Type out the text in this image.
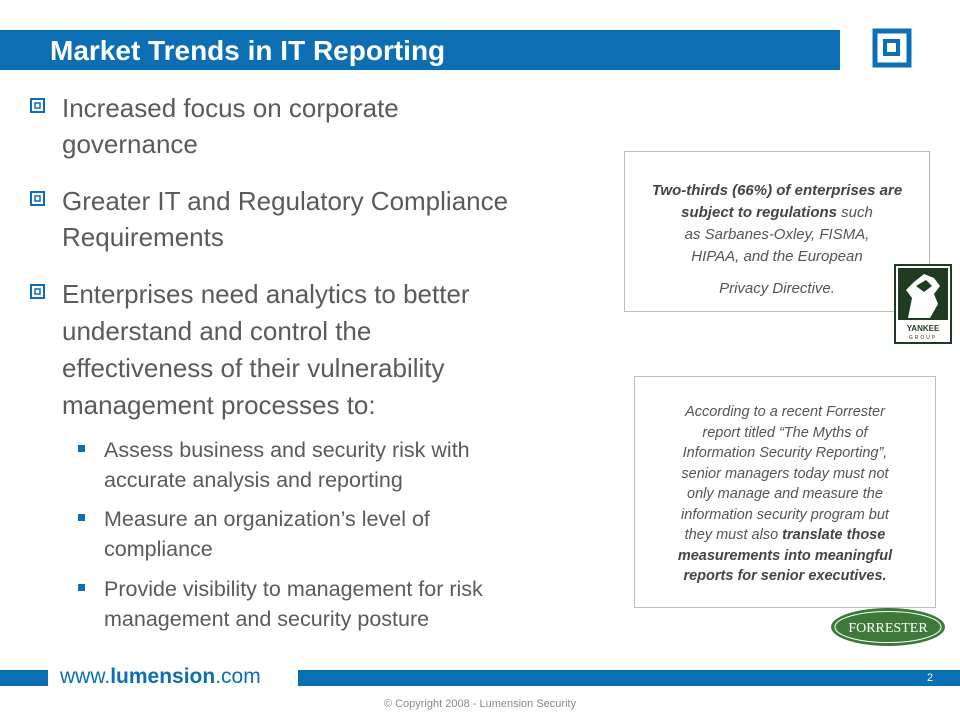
Market Trends in IT Reporting
Increased focus on corporate
governance
Greater IT and Regulatory Compliance
Requirements
Enterprises need analytics to better
understand and control the
effectiveness of their vulnerability
management processes to:
Assess business and security risk with
accurate analysis and reporting
Measure an organization’s level of
compliance
Provide visibility to management for risk
management and security posture
Two-thirds (66%) of enterprises are subject to regulations such
as Sarbanes-Oxley, FISMA,
HIPAA, and the European
Privacy Directive.
YANKEE
GROUP
According to a recent Forrester
report titled “The Myths of
Information Security Reporting”,
senior managers today must not
only manage and measure the
information security program but
they must also translate those
measurements into meaningful
reports for senior executives.
FORRESTER
www.lumension.com	2
© Copyright 2008 - Lumension Security
